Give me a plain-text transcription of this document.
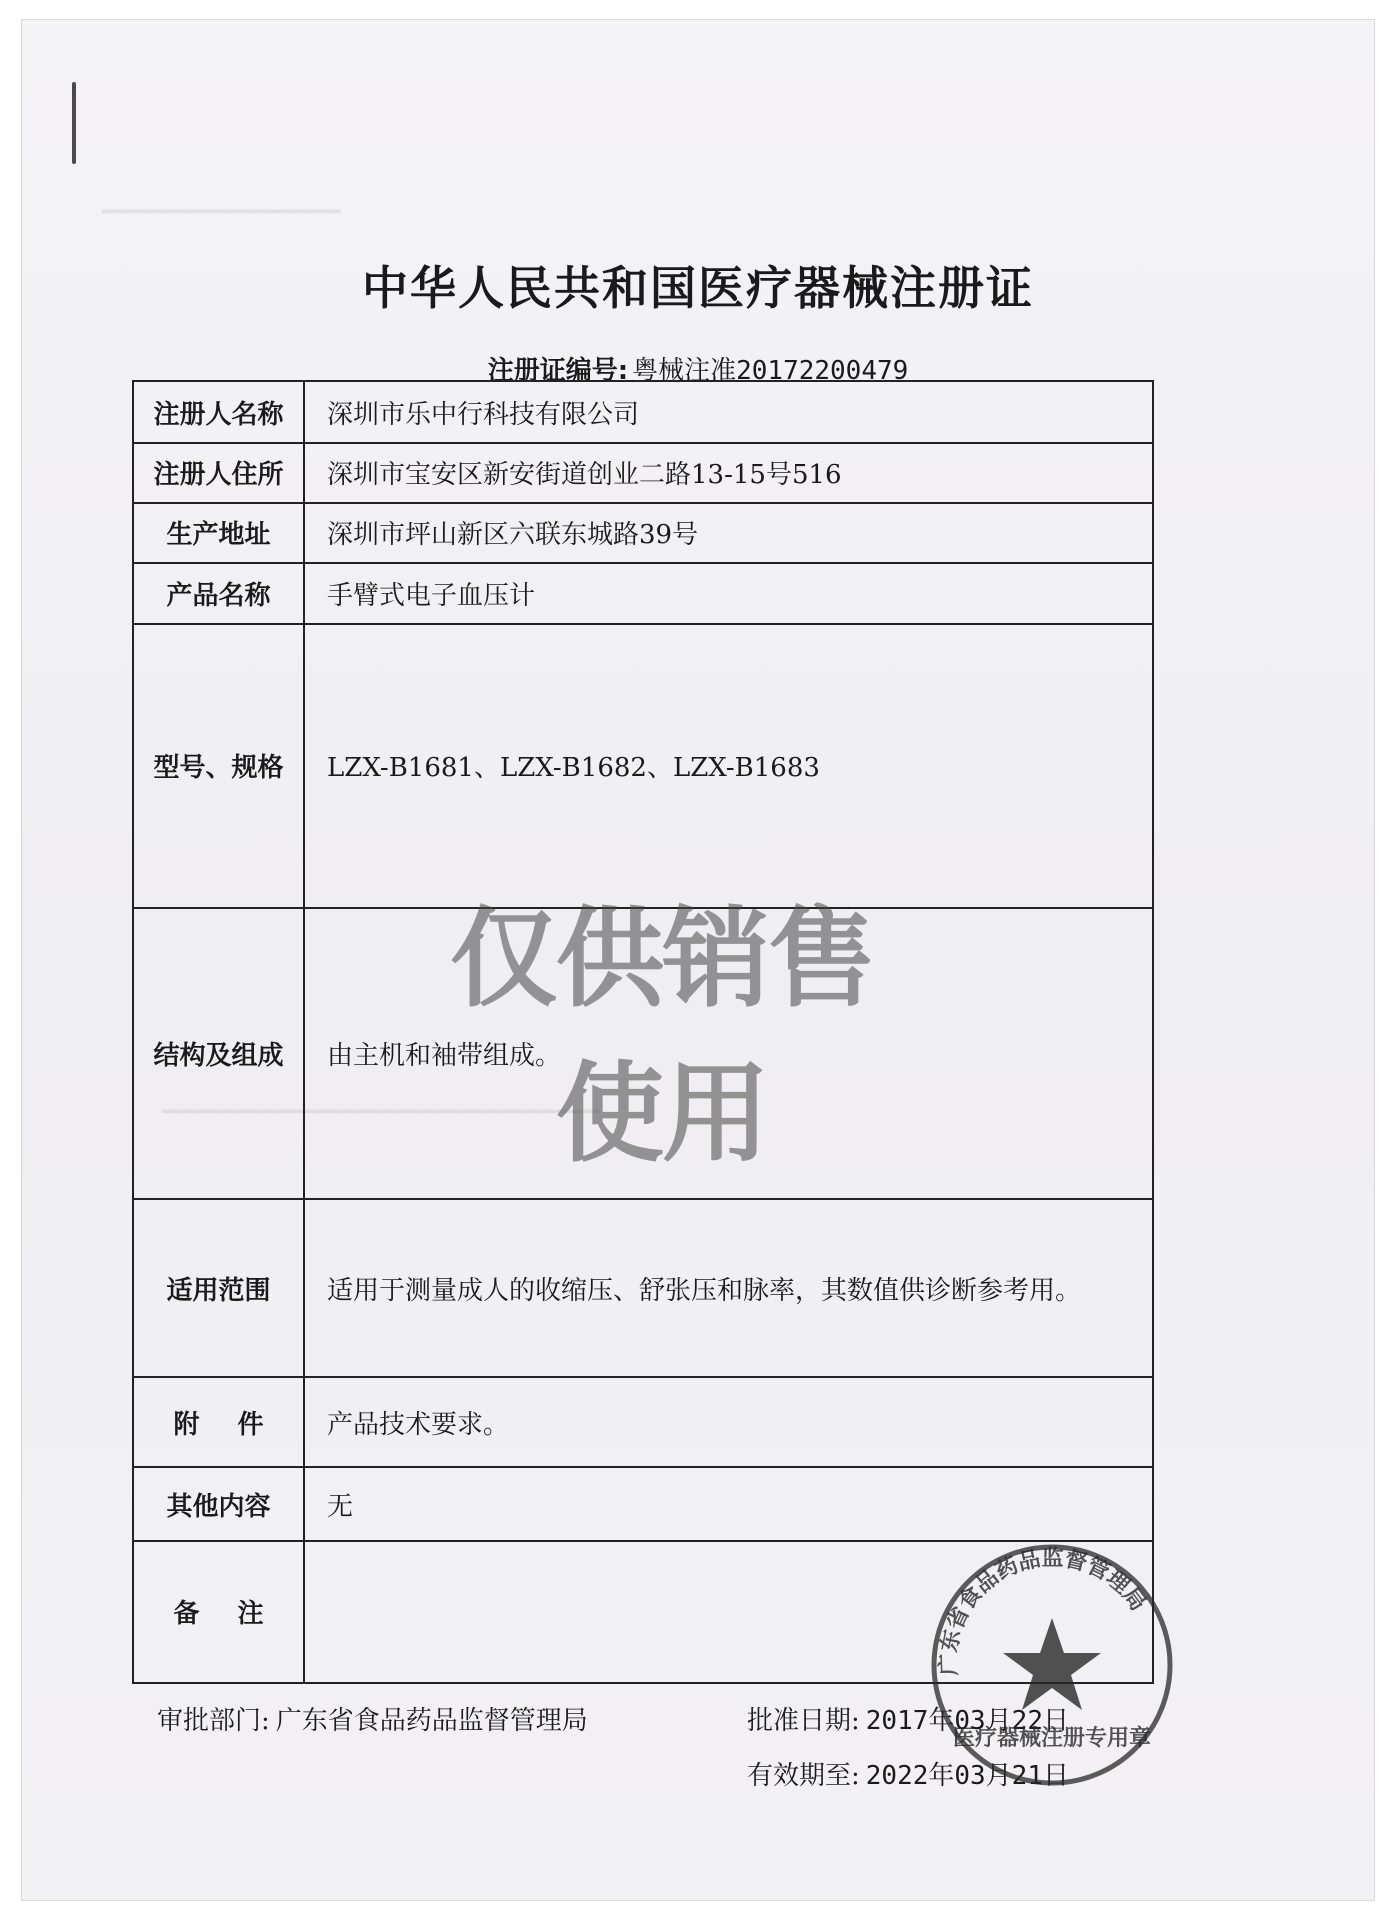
━━━━━━━━━━━━━━━━━━
━━━━━━━━━━━━━━━━━━━━━━━━━━━━━━━━━
中华人民共和国医疗器械注册证
注册证编号: 粤械注准20172200479
注册人名称	深圳市乐中行科技有限公司
注册人住所	深圳市宝安区新安街道创业二路13-15号516
生产地址	深圳市坪山新区六联东城路39号
产品名称	手臂式电子血压计
型号、规格	LZX-B1681、LZX-B1682、LZX-B1683
结构及组成	由主机和袖带组成。
适用范围	适用于测量成人的收缩压、舒张压和脉率，其数值供诊断参考用。
附件	产品技术要求。
其他内容	无
备注	
审批部门: 广东省食品药品监督管理局	批准日期: 2017年03月22日
有效期至: 2022年03月21日
仅供销售使用
广东省食品药品监督管理局
医疗器械注册专用章
